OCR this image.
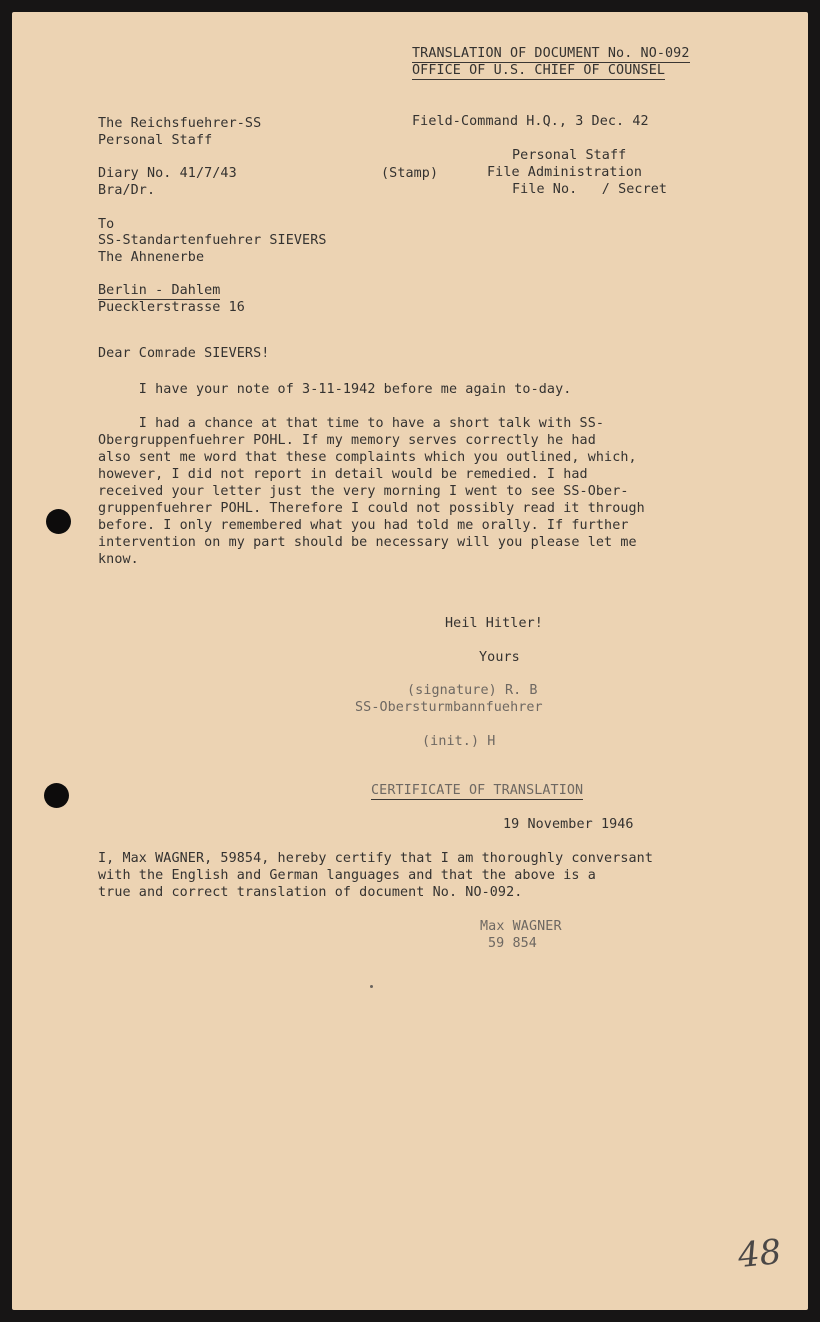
TRANSLATION OF DOCUMENT No. NO-092
OFFICE OF U.S. CHIEF OF COUNSEL
The Reichsfuehrer-SS
Personal Staff
Diary No. 41/7/43
Bra/Dr.
Field-Command H.Q., 3 Dec. 42
(Stamp)
Personal Staff
File Administration
File No.   / Secret
To
SS-Standartenfuehrer SIEVERS
The Ahnenerbe
Berlin - Dahlem
Puecklerstrasse 16
Dear Comrade SIEVERS!
I have your note of 3-11-1942 before me again to-day.
I had a chance at that time to have a short talk with SS-
Obergruppenfuehrer POHL. If my memory serves correctly he had
also sent me word that these complaints which you outlined, which,
however, I did not report in detail would be remedied. I had
received your letter just the very morning I went to see SS-Ober-
gruppenfuehrer POHL. Therefore I could not possibly read it through
before. I only remembered what you had told me orally. If further
intervention on my part should be necessary will you please let me
know.
Heil Hitler!
Yours
(signature) R. B
SS-Obersturmbannfuehrer
(init.) H
CERTIFICATE OF TRANSLATION
19 November 1946
I, Max WAGNER, 59854, hereby certify that I am thoroughly conversant
with the English and German languages and that the above is a
true and correct translation of document No. NO-092.
Max WAGNER
59 854
48
